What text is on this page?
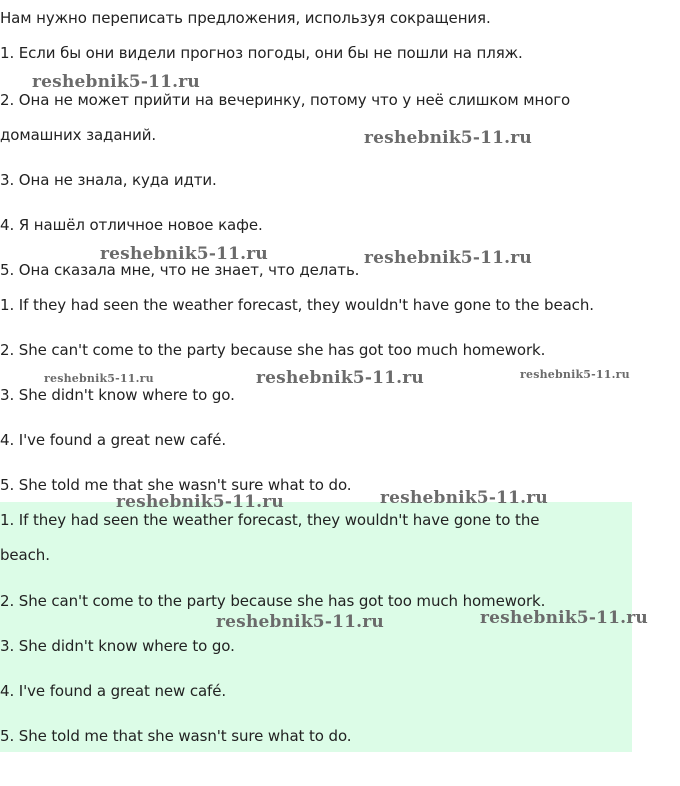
Нам нужно переписать предложения, используя сокращения.
1. Если бы они видели прогноз погоды, они бы не пошли на пляж.
2. Она не может прийти на вечеринку, потому что у неё слишком много
домашних заданий.
3. Она не знала, куда идти.
4. Я нашёл отличное новое кафе.
5. Она сказала мне, что не знает, что делать.
1. If they had seen the weather forecast, they wouldn't have gone to the beach.
2. She can't come to the party because she has got too much homework.
3. She didn't know where to go.
4. I've found a great new café.
5. She told me that she wasn't sure what to do.
1. If they had seen the weather forecast, they wouldn't have gone to the
beach.
2. She can't come to the party because she has got too much homework.
3. She didn't know where to go.
4. I've found a great new café.
5. She told me that she wasn't sure what to do.
reshebnik5-11.ru
reshebnik5-11.ru
reshebnik5-11.ru	reshebnik5-11.ru
reshebnik5-11.ru	reshebnik5-11.ru	reshebnik5-11.ru
reshebnik5-11.ru	reshebnik5-11.ru
reshebnik5-11.ru	reshebnik5-11.ru
